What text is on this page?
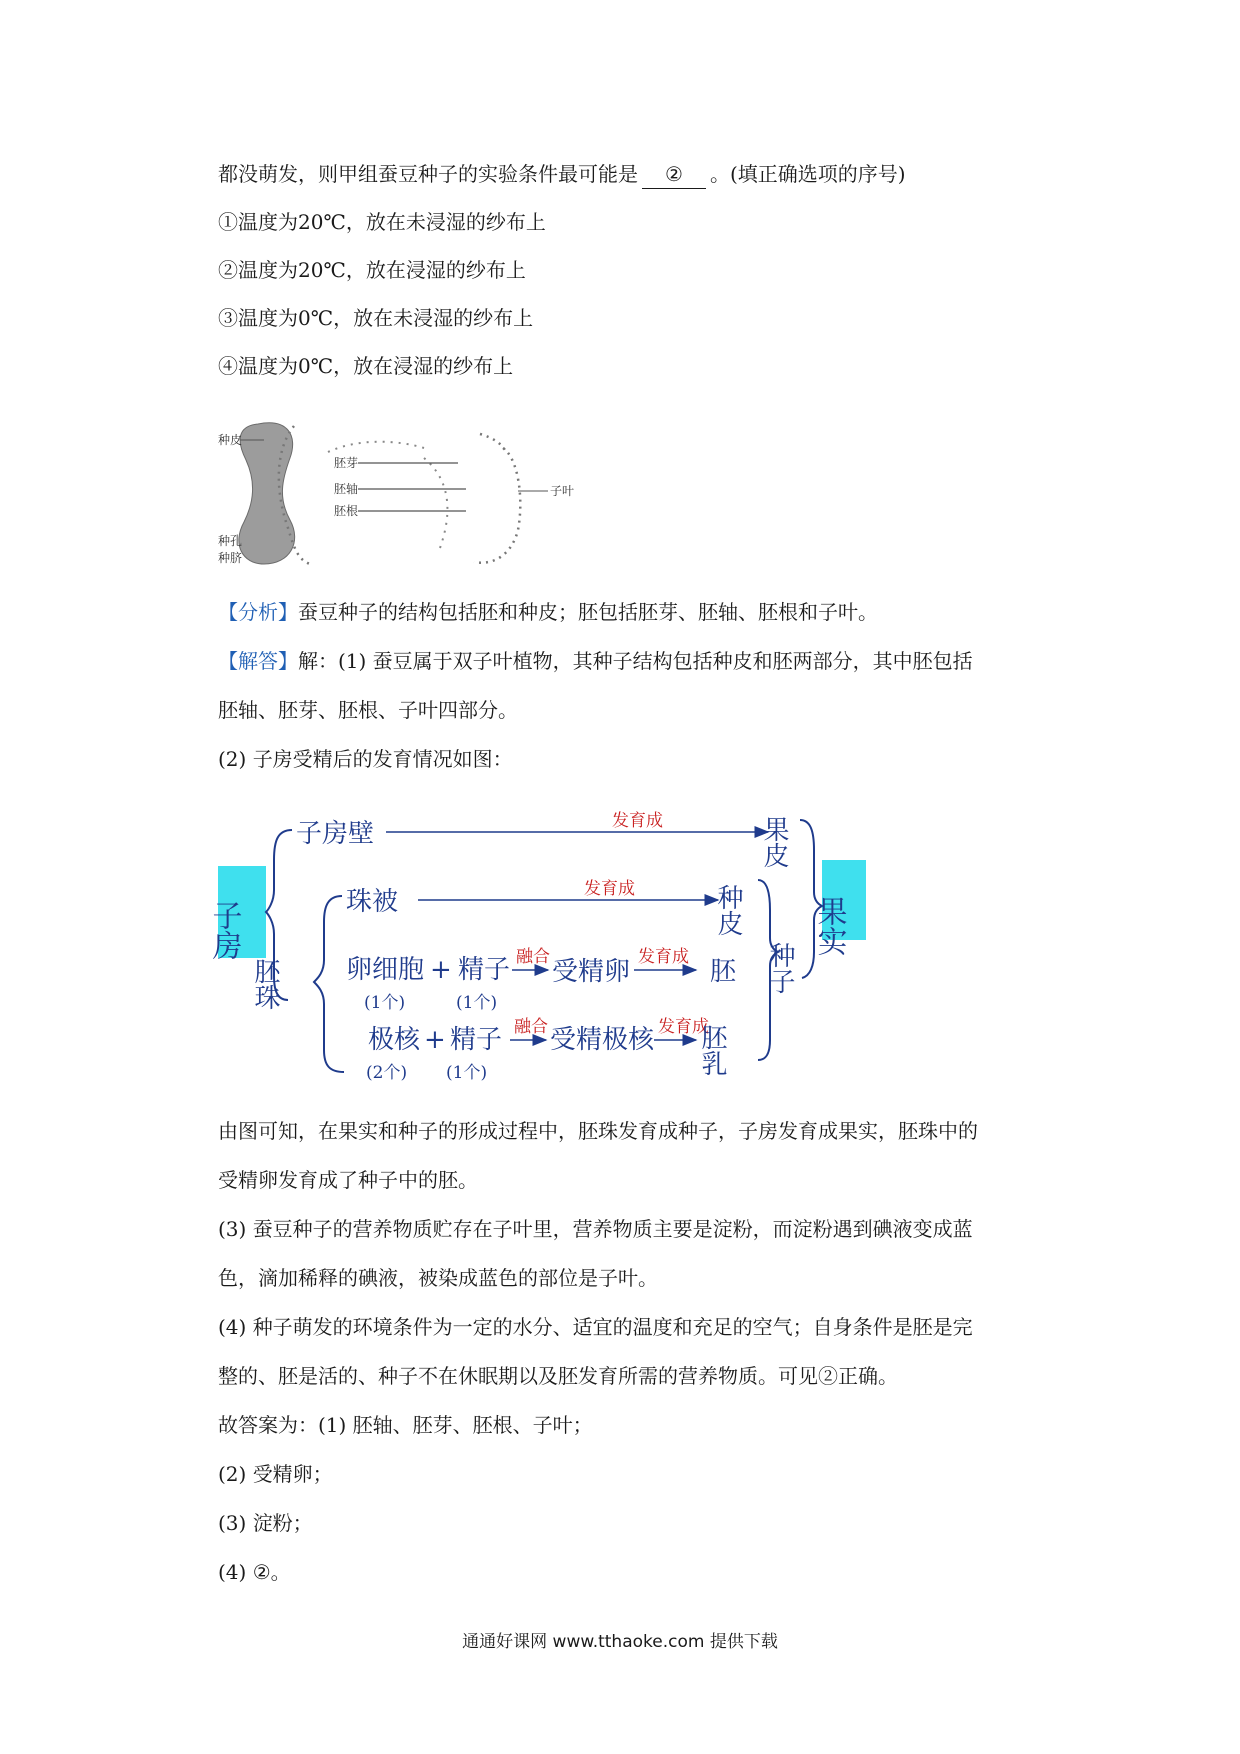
都没萌发，则甲组蚕豆种子的实验条件最可能是 ② 。(填正确选项的序号)
①温度为20℃，放在未浸湿的纱布上
②温度为20℃，放在浸湿的纱布上
③温度为0℃，放在未浸湿的纱布上
④温度为0℃，放在浸湿的纱布上
种皮
胚芽
胚轴
胚根
子叶
种孔
种脐
【分析】蚕豆种子的结构包括胚和种皮；胚包括胚芽、胚轴、胚根和子叶。
【解答】解：(1) 蚕豆属于双子叶植物，其种子结构包括种皮和胚两部分，其中胚包括
胚轴、胚芽、胚根、子叶四部分。
(2) 子房受精后的发育情况如图：
子房
子房壁	发育成	果皮
果实
胚珠
珠被	发育成	种皮
种子
卵细胞 + 精子
(1个)	(1个)
融合 受精卵 发育成 胚
极核 + 精子
(2个) (1个)
融合 受精极核 发育成
胚乳
由图可知，在果实和种子的形成过程中，胚珠发育成种子，子房发育成果实，胚珠中的
受精卵发育成了种子中的胚。
(3) 蚕豆种子的营养物质贮存在子叶里，营养物质主要是淀粉，而淀粉遇到碘液变成蓝
色，滴加稀释的碘液，被染成蓝色的部位是子叶。
(4) 种子萌发的环境条件为一定的水分、适宜的温度和充足的空气；自身条件是胚是完
整的、胚是活的、种子不在休眠期以及胚发育所需的营养物质。可见②正确。
故答案为：(1) 胚轴、胚芽、胚根、子叶；
(2) 受精卵；
(3) 淀粉；
(4) ②。
通通好课网 www.tthaoke.com 提供下载
